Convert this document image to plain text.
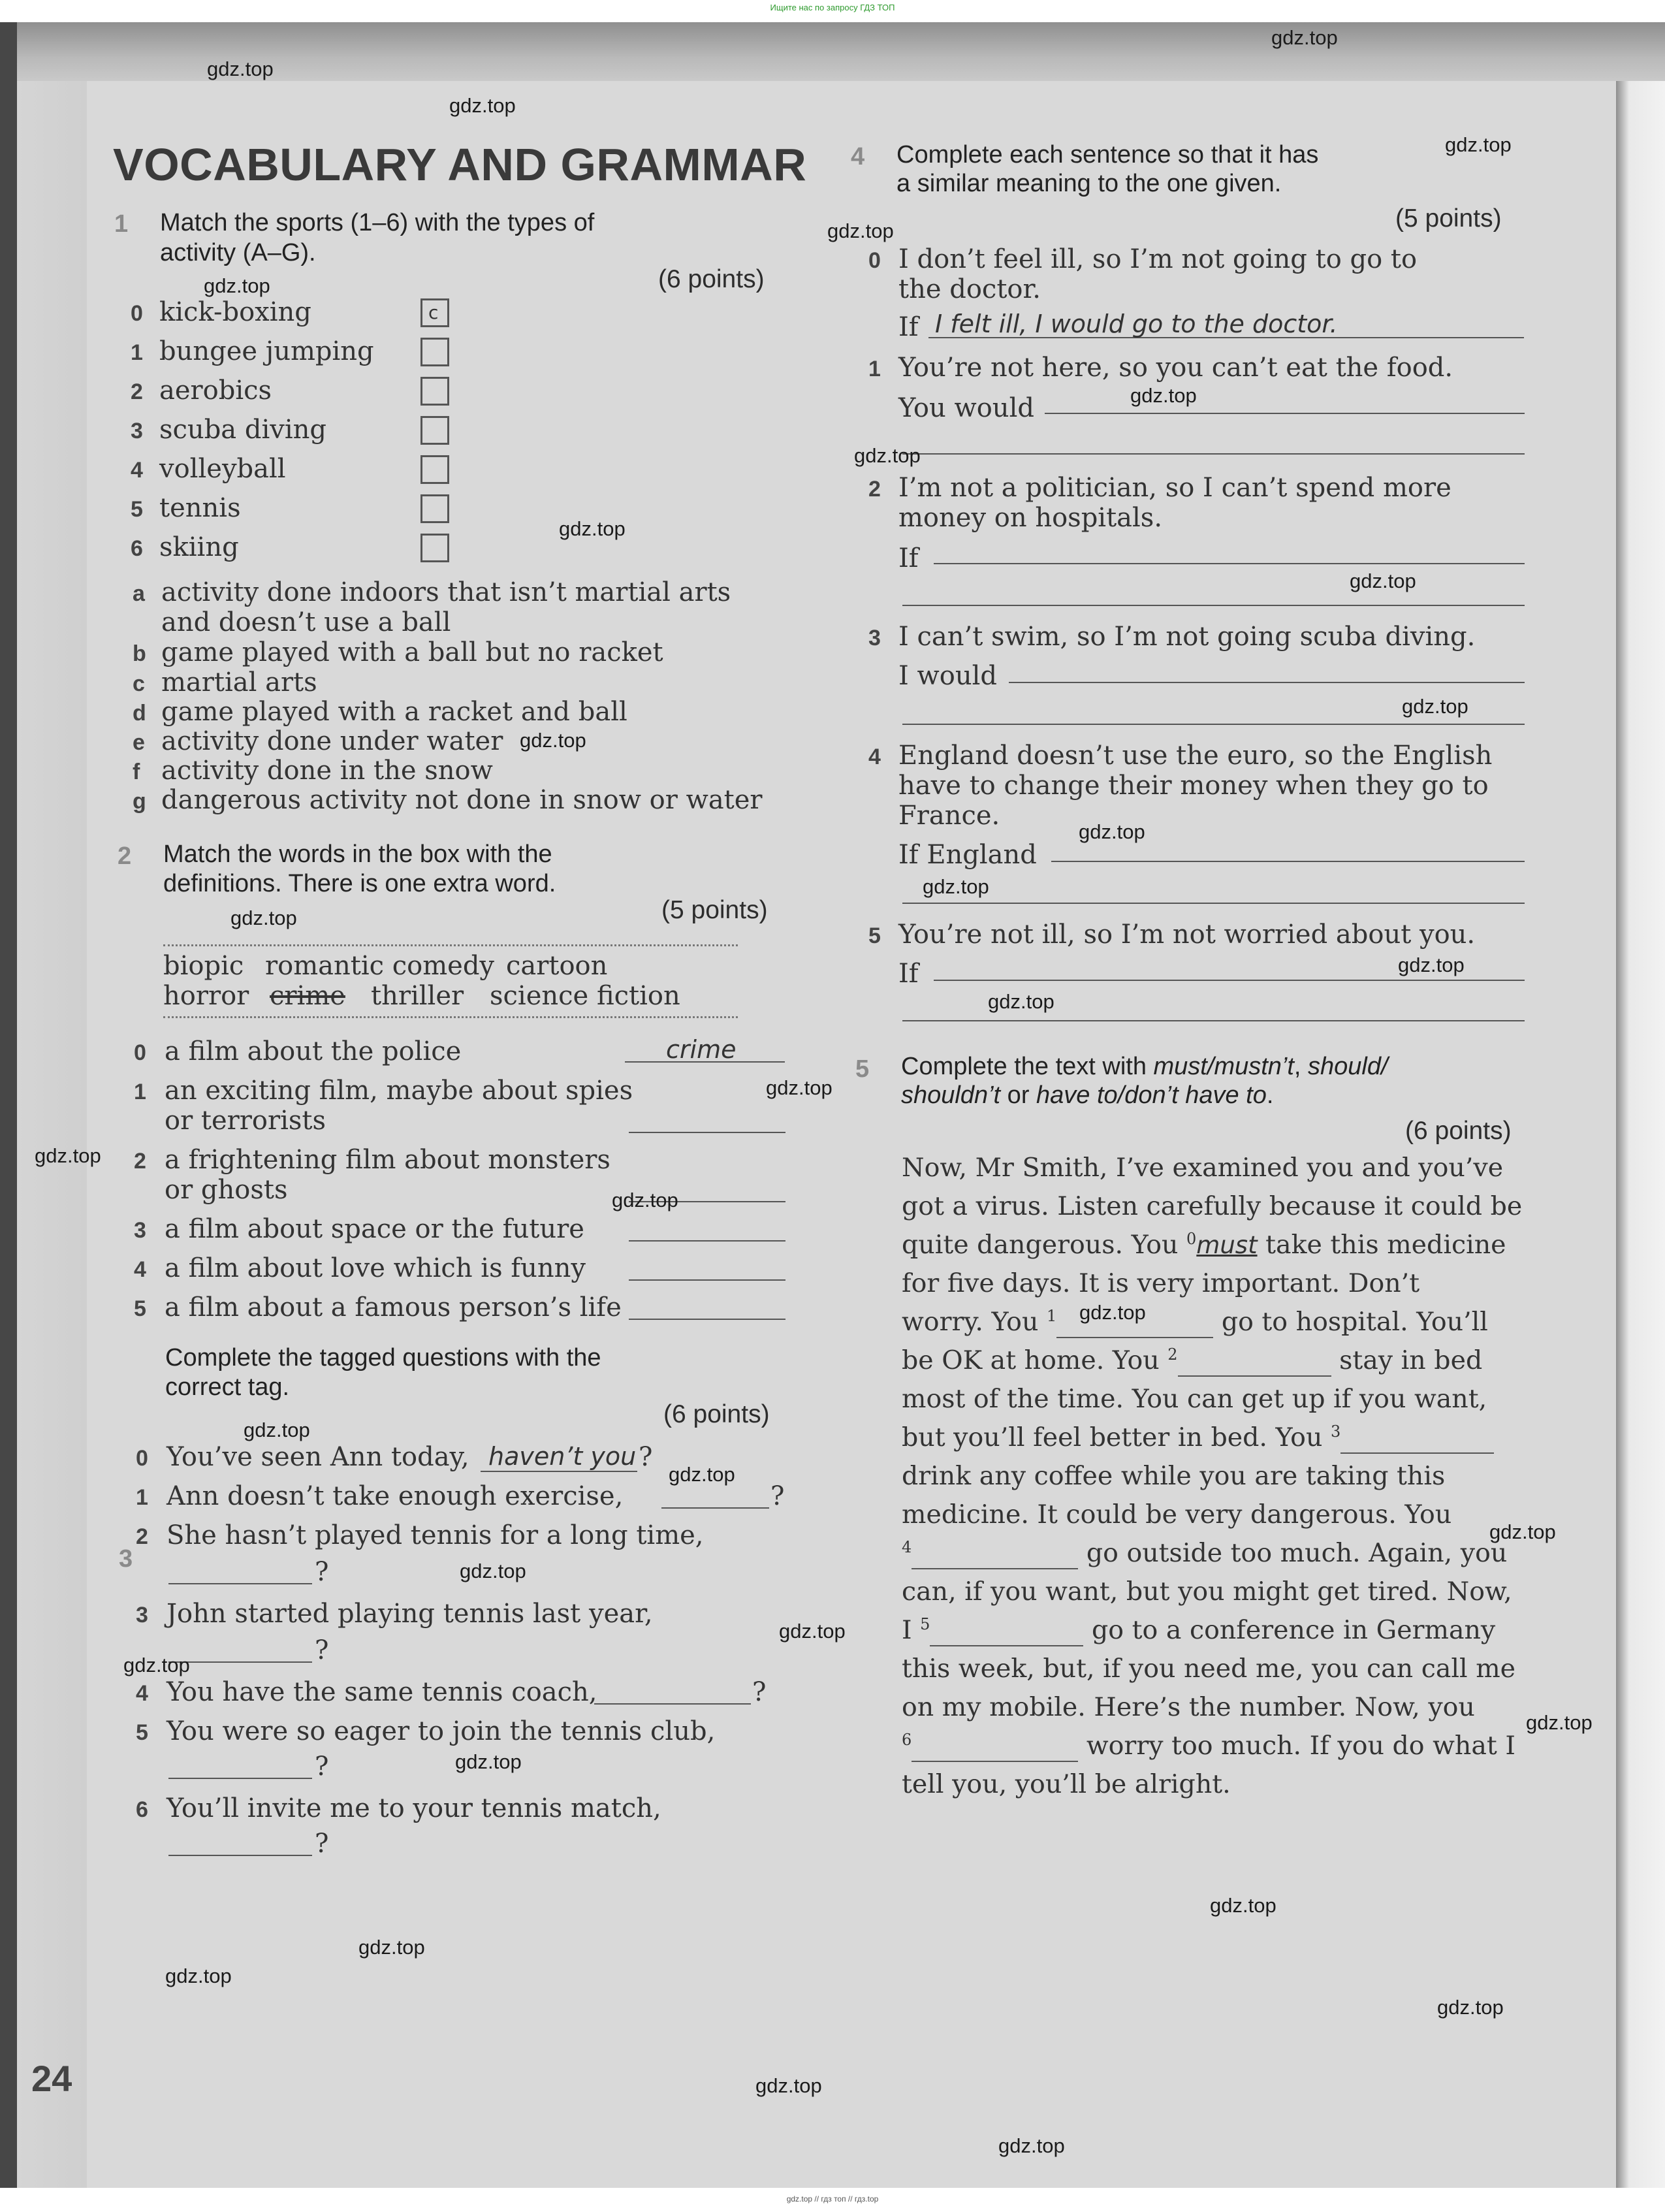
Ищите нас по запросу ГДЗ ТОП
gdz.top // гдз топ // гдз.top
VOCABULARY AND GRAMMAR
1 Match the sports (1–6) with the types of
activity (A–G).
(6 points)
0 kick-boxing	c
1 bungee jumping
2 aerobics
3 scuba diving
4 volleyball
5 tennis
6 skiing
a activity done indoors that isn’t martial arts
and doesn’t use a ball
b game played with a ball but no racket
c martial arts
d game played with a racket and ball
e activity done under water
f activity done in the snow
g dangerous activity not done in snow or water
2 Match the words in the box with the
definitions. There is one extra word.
(5 points)
biopic romantic comedy cartoon
horror crime thriller science fiction
0 a film about the police	crime
1 an exciting film, maybe about spies
or terrorists
2 a frightening film about monsters
or ghosts
3 a film about space or the future
4 a film about love which is funny
5 a film about a famous person’s life
3
Complete the tagged questions with the
correct tag.
(6 points)
0 You’ve seen Ann today, haven’t you ?
1 Ann doesn’t take enough exercise,	?
2 She hasn’t played tennis for a long time,
?
3 John started playing tennis last year,
?
4 You have the same tennis coach,	?
5 You were so eager to join the tennis club,
?
6 You’ll invite me to your tennis match,
?
24
4 Complete each sentence so that it has
a similar meaning to the one given.
(5 points)
0 I don’t feel ill, so I’m not going to go to
the doctor.
If I felt ill, I would go to the doctor.
1 You’re not here, so you can’t eat the food.
You would
2 I’m not a politician, so I can’t spend more
money on hospitals.
If
3 I can’t swim, so I’m not going scuba diving.
I would
4 England doesn’t use the euro, so the English
have to change their money when they go to
France.
If England
5 You’re not ill, so I’m not worried about you.
If
5 Complete the text with must/mustn’t, should/
shouldn’t or have to/don’t have to.
(6 points)
Now, Mr Smith, I’ve examined you and you’ve
got a virus. Listen carefully because it could be
quite dangerous. You $^0$must take this medicine
for five days. It is very important. Don’t
worry. You $^1$	go to hospital. You’ll
be OK at home. You $^2$	stay in bed
most of the time. You can get up if you want,
but you’ll feel better in bed. You $^3$
drink any coffee while you are taking this
medicine. It could be very dangerous. You
$^4$	go outside too much. Again, you
can, if you want, but you might get tired. Now,
I $^5$	go to a conference in Germany
this week, but, if you need me, you can call me
on my mobile. Here’s the number. Now, you
$^6$	worry too much. If you do what I
tell you, you’ll be alright.
gdz.top
gdz.top
gdz.top
gdz.top
gdz.top
gdz.top
gdz.top
gdz.top
gdz.top
gdz.top
gdz.top
gdz.top
gdz.top
gdz.top
gdz.top
gdz.top
gdz.top
gdz.top
gdz.top
gdz.top
gdz.top
gdz.top
gdz.top
gdz.top
gdz.top
gdz.top
gdz.top
gdz.top
gdz.top
gdz.top
gdz.top
gdz.top
gdz.top
gdz.top
gdz.top
